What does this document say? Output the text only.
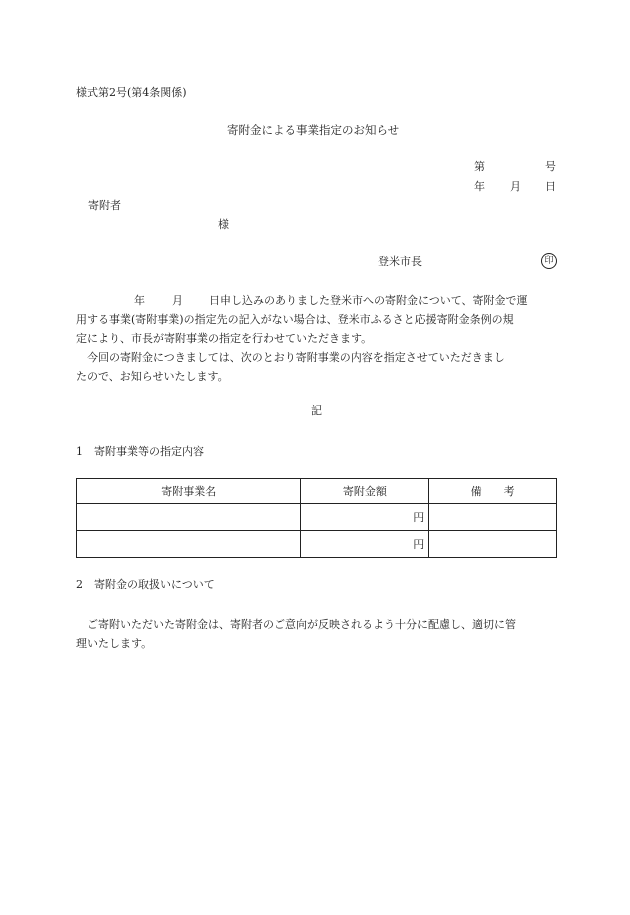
様式第2号(第4条関係)
寄附金による事業指定のお知らせ
第	号
年 月 日
寄附者
様
登米市長	印
年 月 日申し込みのありました登米市への寄附金について、寄附金で運
用する事業(寄附事業)の指定先の記入がない場合は、登米市ふるさと応援寄附金条例の規
定により、市長が寄附事業の指定を行わせていただきます。
今回の寄附金につきましては、次のとおり寄附事業の内容を指定させていただきまし
たので、お知らせいたします。
記
1　寄附事業等の指定内容
寄附事業名	寄附金額	備　　考
	円	
	円	
2　寄附金の取扱いについて
ご寄附いただいた寄附金は、寄附者のご意向が反映されるよう十分に配慮し、適切に管
理いたします。
